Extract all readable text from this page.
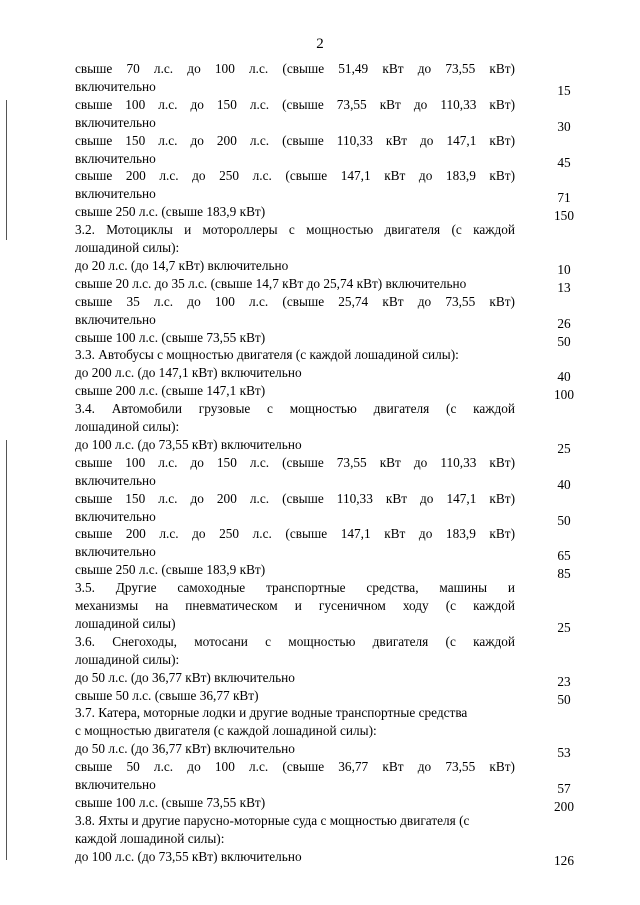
2
свыше 70 л.с. до 100 л.с. (свыше 51,49 кВт до 73,55 кВт)
включительно	15
свыше 100 л.с. до 150 л.с. (свыше 73,55 кВт до 110,33 кВт)
включительно	30
свыше 150 л.с. до 200 л.с. (свыше 110,33 кВт до 147,1 кВт)
включительно	45
свыше 200 л.с. до 250 л.с. (свыше 147,1 кВт до 183,9 кВт)
включительно	71
свыше 250 л.с. (свыше 183,9 кВт)	150
3.2. Мотоциклы и мотороллеры с мощностью двигателя (с каждой
лошадиной силы):
до 20 л.с. (до 14,7 кВт) включительно	10
свыше 20 л.с. до 35 л.с. (свыше 14,7 кВт до 25,74 кВт) включительно	13
свыше 35 л.с. до 100 л.с. (свыше 25,74 кВт до 73,55 кВт)
включительно	26
свыше 100 л.с. (свыше 73,55 кВт)	50
3.3. Автобусы с мощностью двигателя (с каждой лошадиной силы):
до 200 л.с. (до 147,1 кВт) включительно	40
свыше 200 л.с. (свыше 147,1 кВт)	100
3.4. Автомобили грузовые с мощностью двигателя (с каждой
лошадиной силы):
до 100 л.с. (до 73,55 кВт) включительно	25
свыше 100 л.с. до 150 л.с. (свыше 73,55 кВт до 110,33 кВт)
включительно	40
свыше 150 л.с. до 200 л.с. (свыше 110,33 кВт до 147,1 кВт)
включительно	50
свыше 200 л.с. до 250 л.с. (свыше 147,1 кВт до 183,9 кВт)
включительно	65
свыше 250 л.с. (свыше 183,9 кВт)	85
3.5. Другие самоходные транспортные средства, машины и
механизмы на пневматическом и гусеничном ходу (с каждой
лошадиной силы)	25
3.6. Снегоходы, мотосани с мощностью двигателя (с каждой
лошадиной силы):
до 50 л.с. (до 36,77 кВт) включительно	23
свыше 50 л.с. (свыше 36,77 кВт)	50
3.7. Катера, моторные лодки и другие водные транспортные средства
с мощностью двигателя (с каждой лошадиной силы):
до 50 л.с. (до 36,77 кВт) включительно	53
свыше 50 л.с. до 100 л.с. (свыше 36,77 кВт до 73,55 кВт)
включительно	57
свыше 100 л.с. (свыше 73,55 кВт)	200
3.8. Яхты и другие парусно-моторные суда с мощностью двигателя (с
каждой лошадиной силы):
до 100 л.с. (до 73,55 кВт) включительно	126
